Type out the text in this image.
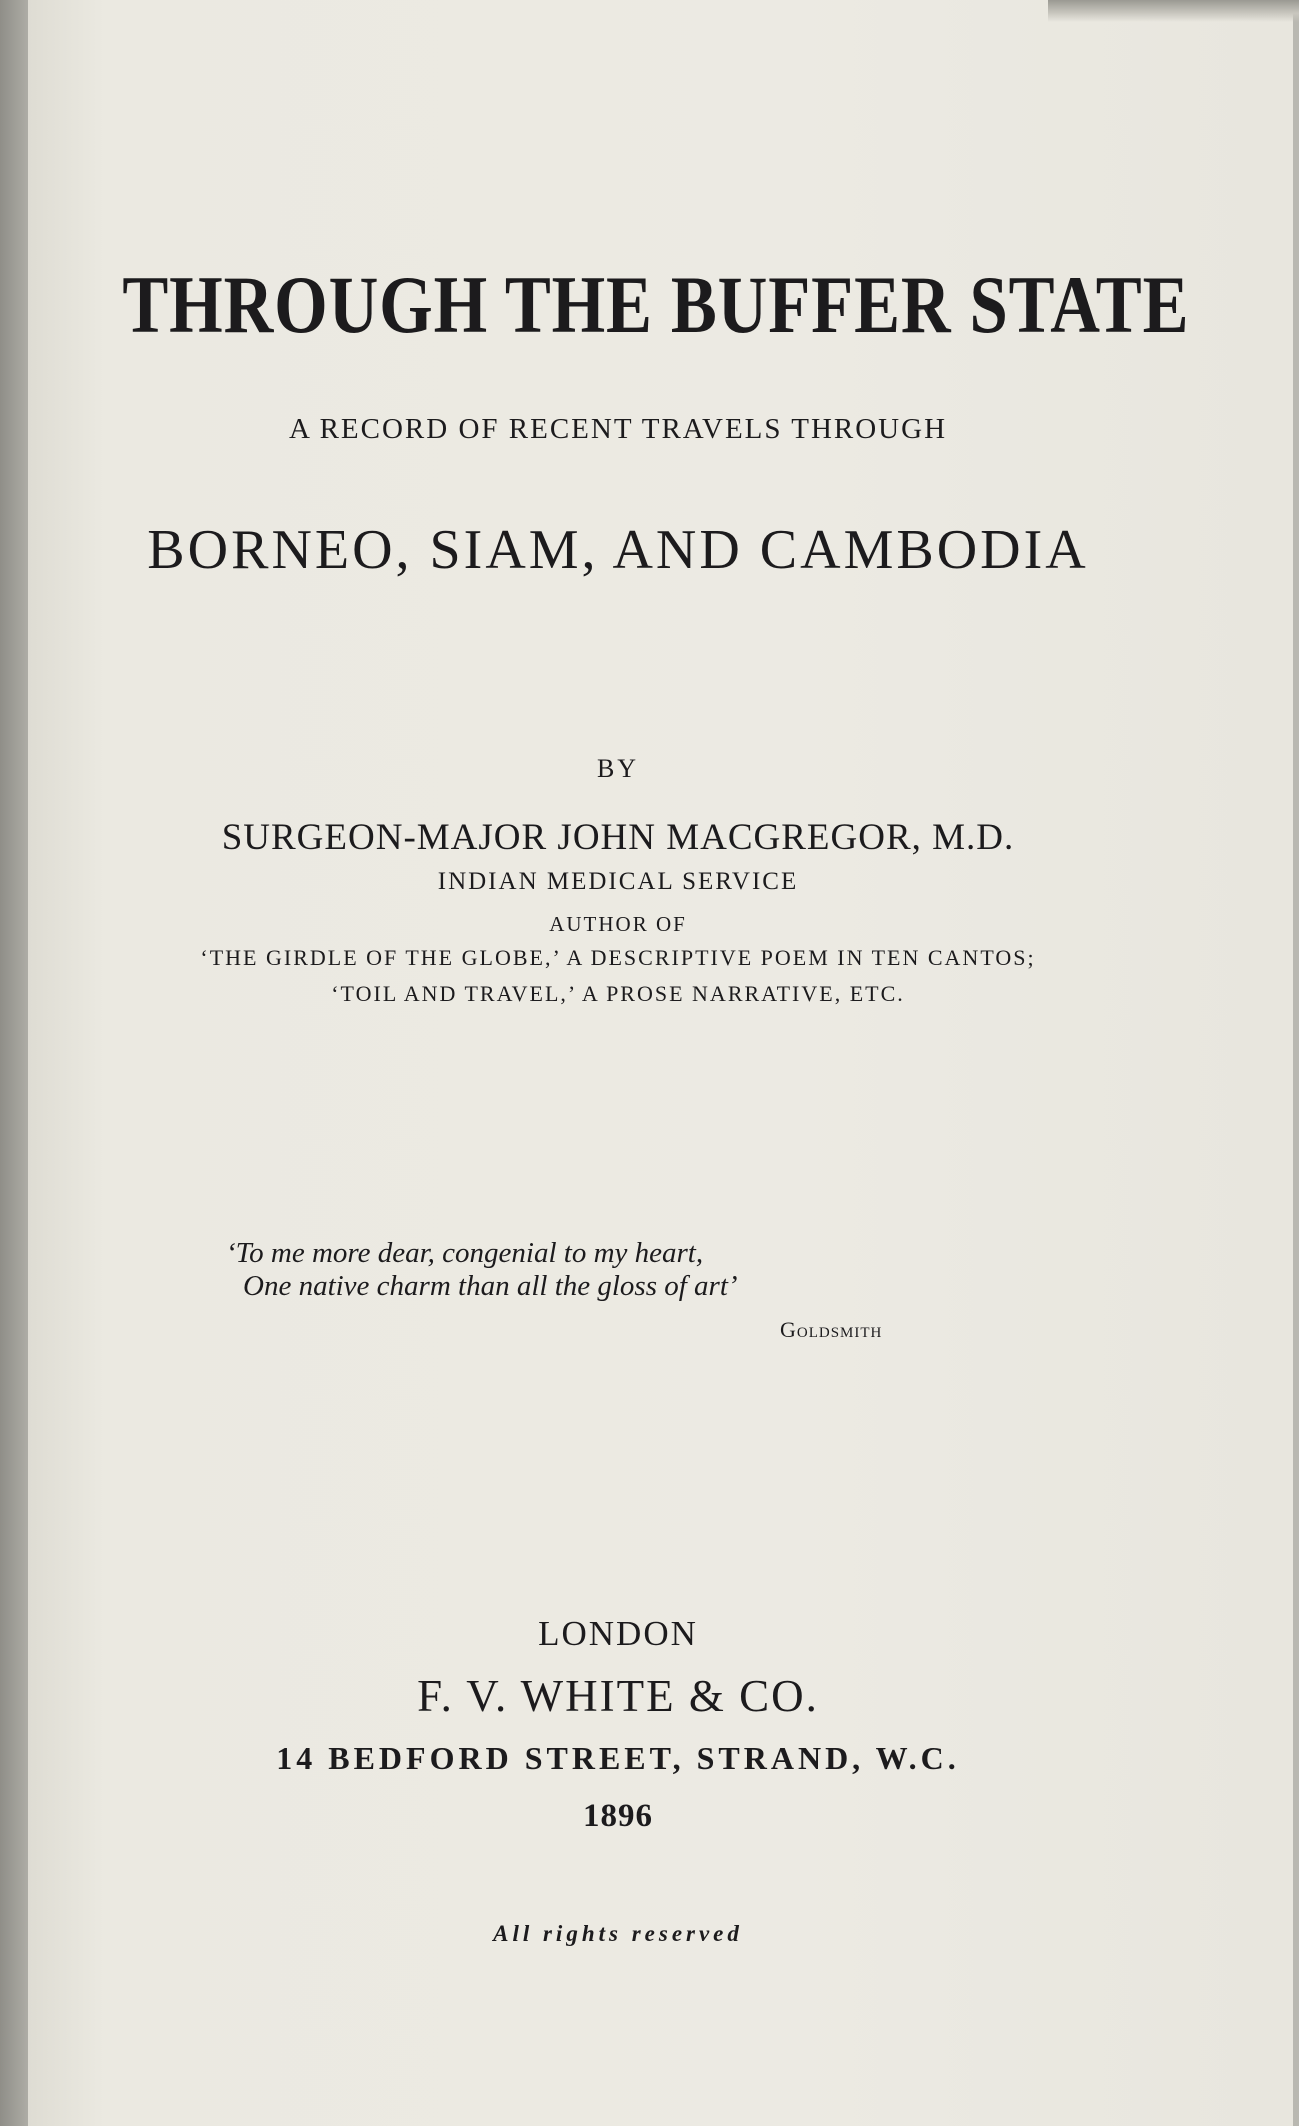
THROUGH THE BUFFER STATE
A RECORD OF RECENT TRAVELS THROUGH
BORNEO, SIAM, AND CAMBODIA
BY
SURGEON-MAJOR JOHN MACGREGOR, M.D.
INDIAN MEDICAL SERVICE
AUTHOR OF
‘THE GIRDLE OF THE GLOBE,’ A DESCRIPTIVE POEM IN TEN CANTOS;
‘TOIL AND TRAVEL,’ A PROSE NARRATIVE, ETC.
‘To me more dear, congenial to my heart,
One native charm than all the gloss of art’
Goldsmith
LONDON
F. V. WHITE & CO.
14 BEDFORD STREET, STRAND, W.C.
1896
All rights reserved
